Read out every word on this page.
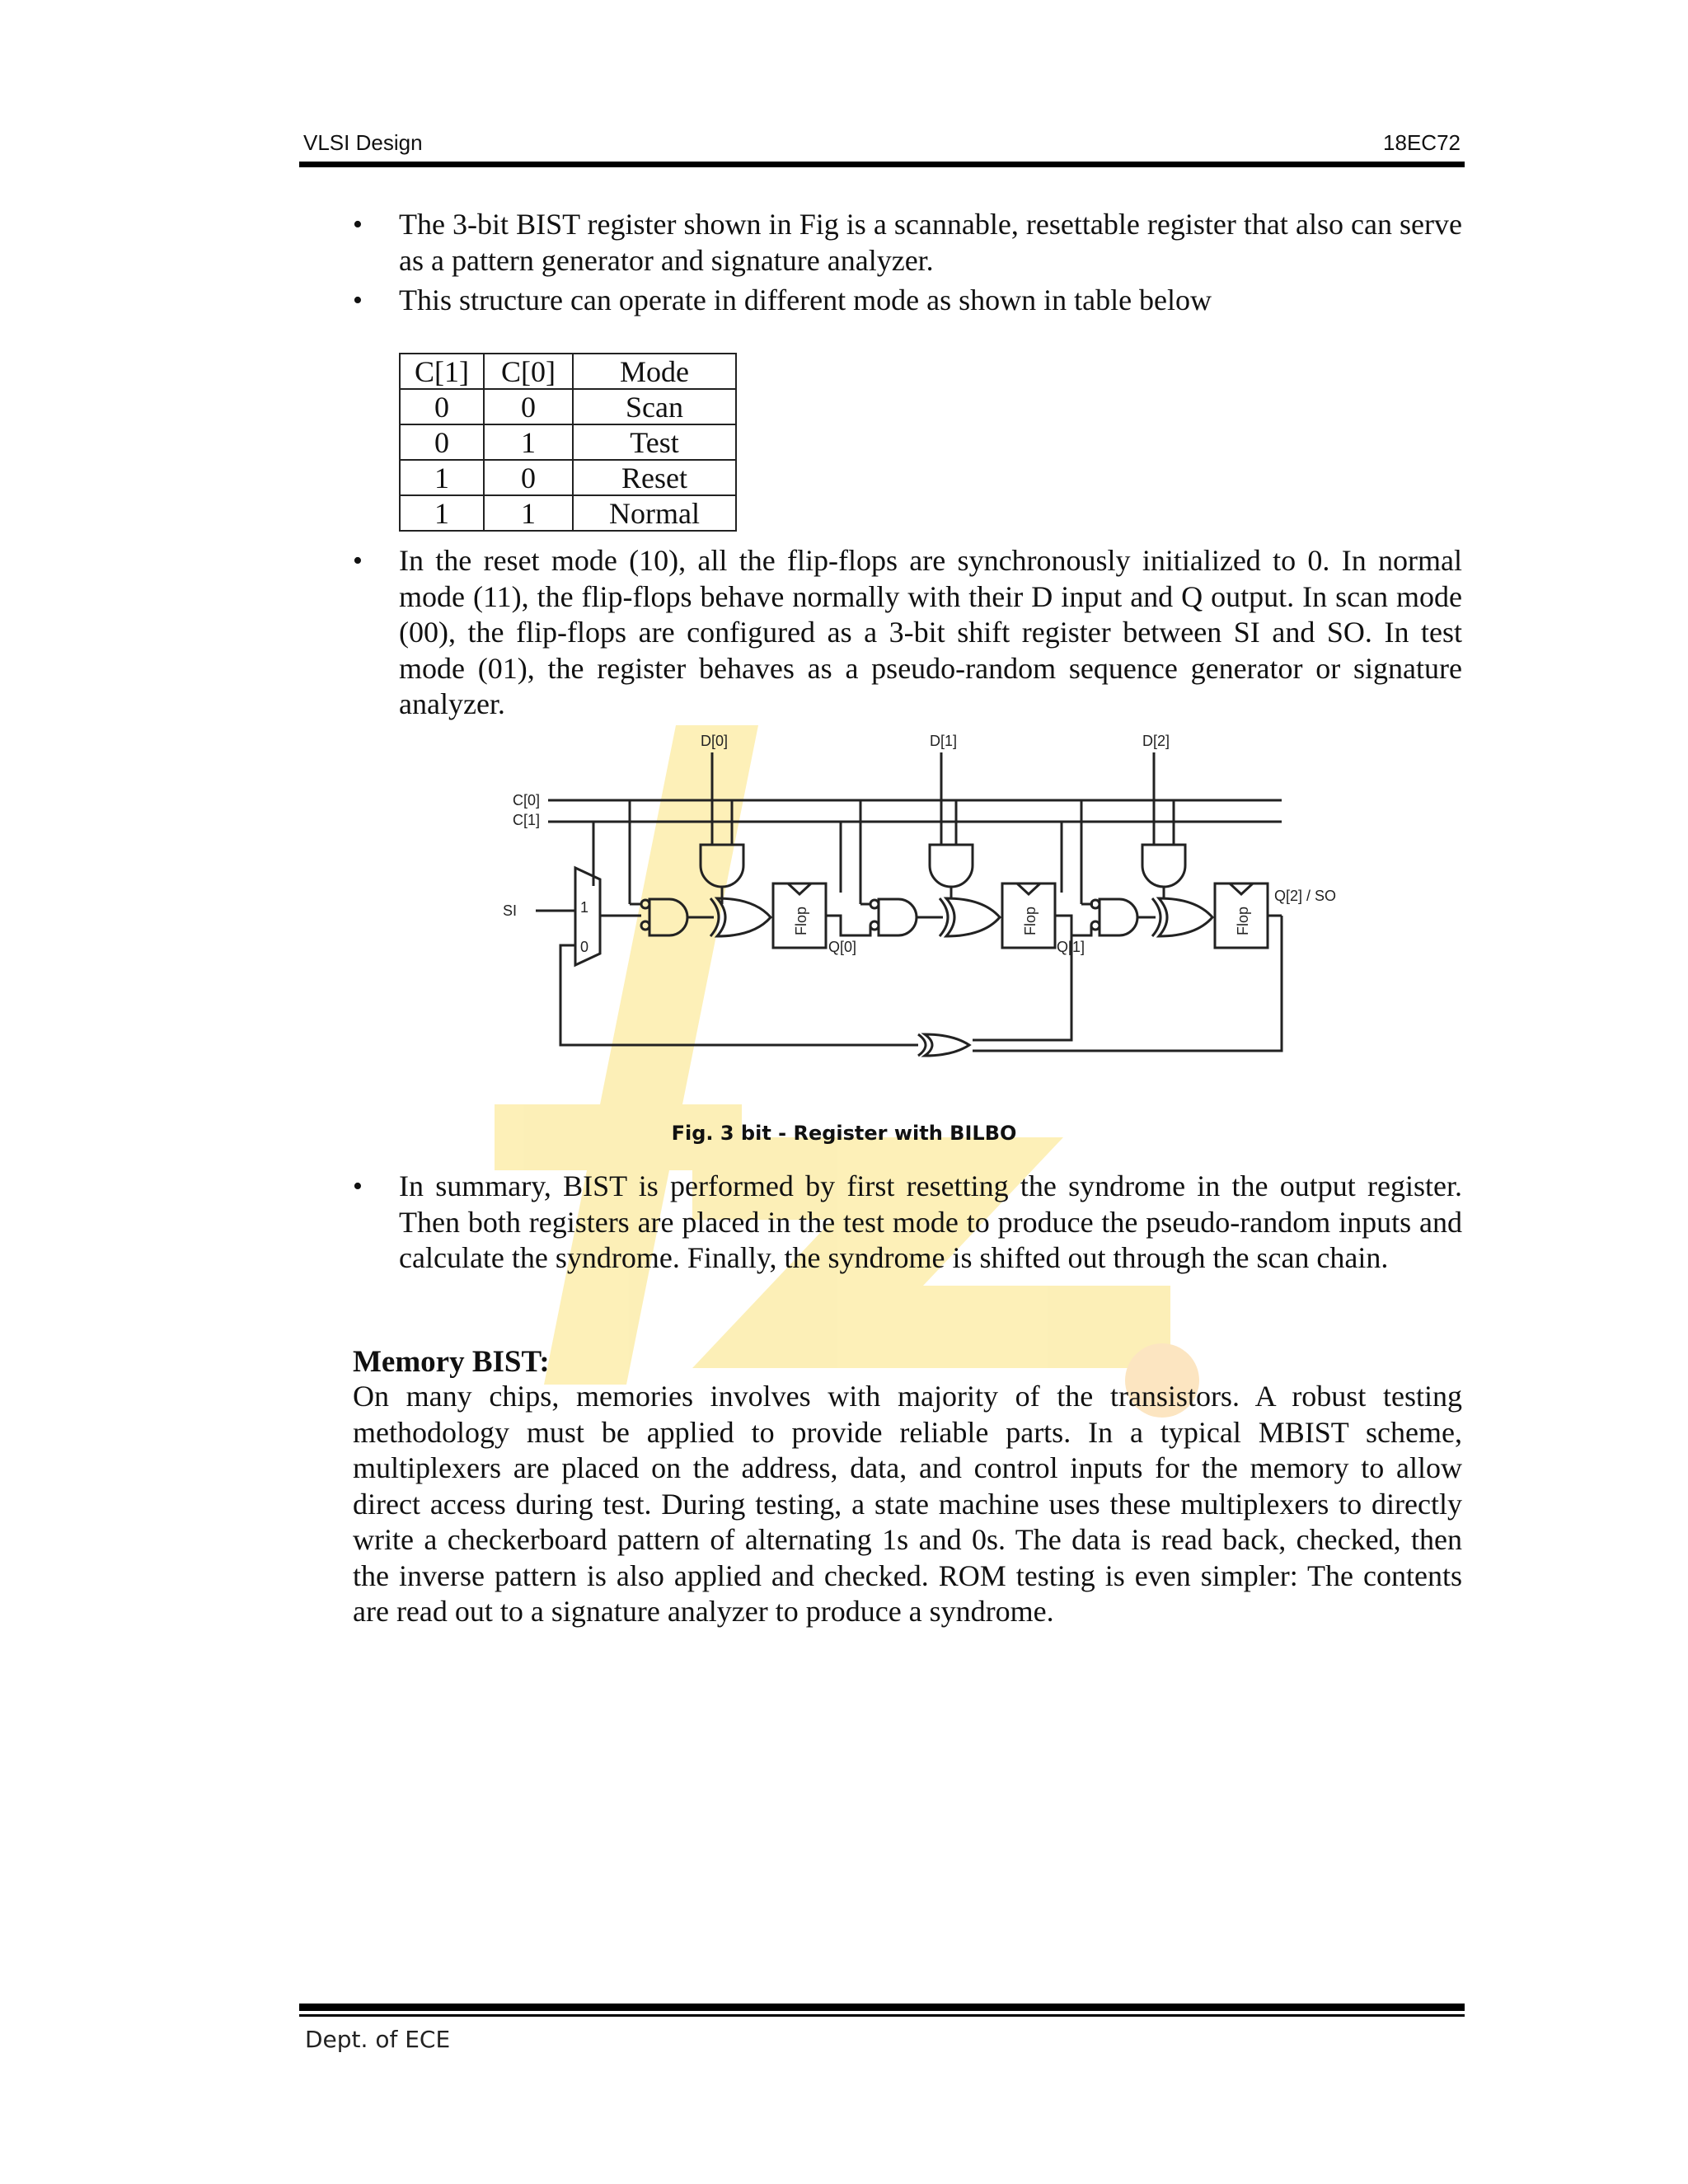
VLSI Design	18EC72
• The 3-bit BIST register shown in Fig is a scannable, resettable register that also can serve as a pattern generator and signature analyzer.
• This structure can operate in different mode as shown in table below
C[1]	C[0]	Mode
0	0	Scan
0	1	Test
1	0	Reset
1	1	Normal
• In the reset mode (10), all the flip-flops are synchronously initialized to 0. In normal mode (11), the flip-flops behave normally with their D input and Q output. In scan mode (00), the flip-flops are configured as a 3-bit shift register between SI and SO. In test mode (01), the register behaves as a pseudo-random sequence generator or signature analyzer.
D[0]	D[1]	D[2]
C[0]
C[1]
SI	1
0	Q[0]	Q[1]
Q[2] / SO
Flop	Flop	Flop
Fig. 3 bit - Register with BILBO
• In summary, BIST is performed by first resetting the syndrome in the output register. Then both registers are placed in the test mode to produce the pseudo-random inputs and calculate the syndrome. Finally, the syndrome is shifted out through the scan chain.
Memory BIST:
On many chips, memories involves with majority of the transistors. A robust testing methodology must be applied to provide reliable parts. In a typical MBIST scheme, multiplexers are placed on the address, data, and control inputs for the memory to allow direct access during test. During testing, a state machine uses these multiplexers to directly write a checkerboard pattern of alternating 1s and 0s. The data is read back, checked, then the inverse pattern is also applied and checked. ROM testing is even simpler: The contents are read out to a signature analyzer to produce a syndrome.
Dept. of ECE
